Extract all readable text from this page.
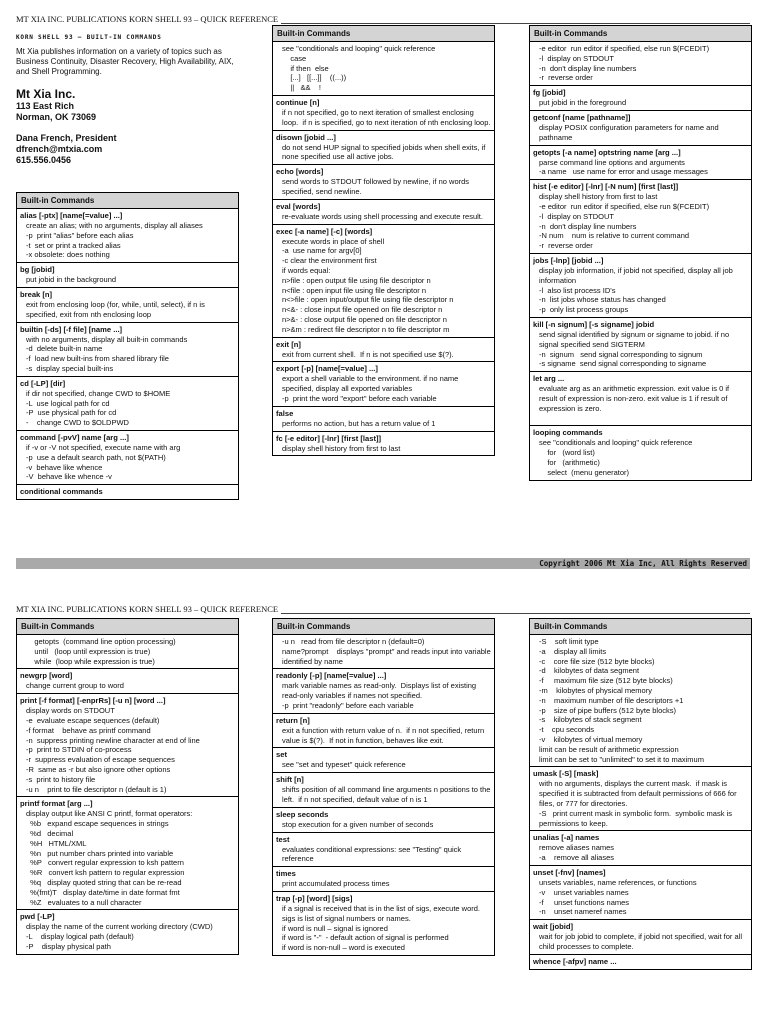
MT XIA INC. PUBLICATIONS KORN SHELL 93 – QUICK REFERENCE

KORN SHELL 93 – BUILT-IN COMMANDS

Mt Xia publishes information on a variety of topics such as Business Continuity, Disaster Recovery, High Availability, AIX, and Shell Programming.

Mt Xia Inc.

113 East Rich
Norman, OK 73069
Dana French, President
dfrench@mtxia.com
615.556.0456
Built-in Commands
alias [-ptx] [name[=value] ...]
create an alias; with no arguments, display all aliases
-p  print "alias" before each alias
-t  set or print a tracked alias
-x obsolete: does nothing
bg [jobid]
put jobid in the background
break [n]
exit from enclosing loop (for, while, until, select), if n is specified, exit from nth enclosing loop
builtin [-ds] [-f file] [name ...]
with no arguments, display all built-in commands
-d  delete built-in name
-f  load new built-ins from shared library file
-s  display special built-ins
cd [-LP] [dir]
if dir not specified, change CWD to $HOME
-L  use logical path for cd
-P  use physical path for cd
-    change CWD to $OLDPWD
command [-pvV] name [arg ...]
if -v or -V not specified, execute name with arg
-p  use a default search path, not $(PATH)
-v  behave like whence
-V  behave like whence -v
conditional commands
Built-in Commands
see "conditionals and looping" quick reference
case
if then  else
[...]   [[...]]    ((...))
||   &&    !
continue [n]
if n not specified, go to next iteration of smallest enclosing loop.  if n is specified, go to next iteration of nth enclosing loop.
disown [jobid ...]
do not send HUP signal to specified jobids when shell exits, if none specified use all active jobs.
echo [words]
send words to STDOUT followed by newline, if no words specified, send newline.
eval [words]
re-evaluate words using shell processing and execute result.
exec [-a name] [-c] [words]
execute words in place of shell
-a  use name for argv[0]
-c clear the environment first
if words equal:
n>file : open output file using file descriptor n
n<file : open input file using file descriptor n
n<>file : open input/output file using file descriptor n
n<&- : close input file opened on file descriptor n
n>&- : close output file opened on file descriptor n
n>&m : redirect file descriptor n to file descriptor m
exit [n]
exit from current shell.  If n is not specified use $(?).
export [-p] [name[=value] ...]
export a shell variable to the environment. if no name specified, display all exported variables
-p  print the word "export" before each variable
false
performs no action, but has a return value of 1
fc [-e editor] [-lnr] [first [last]]
display shell history from first to last
Built-in Commands
-e editor  run editor if specified, else run $(FCEDIT)
-l  display on STDOUT
-n  don't display line numbers
-r  reverse order
fg [jobid]
put jobid in the foreground
getconf [name [pathname]]
display POSIX configuration parameters for name and pathname
getopts [-a name] optstring name [arg ...]
parse command line options and arguments
-a name   use name for error and usage messages
hist [-e editor] [-lnr] [-N num] [first [last]]
display shell history from first to last
-e editor  run editor if specified, else run $(FCEDIT)
-l  display on STDOUT
-n  don't display line numbers
-N num    num is relative to current command
-r  reverse order
jobs [-lnp] [jobid ...]
display job information, if jobid not specified, display all job information
-l  also list process ID's
-n  list jobs whose status has changed
-p  only list process groups
kill [-n signum] [-s signame] jobid
send signal identified by signum or signame to jobid. if no signal specified send SIGTERM
-n  signum   send signal corresponding to signum
-s signame  send signal corresponding to signame
let arg ...
evaluate arg as an arithmetic expression. exit value is 0 if result of expression is non-zero. exit value is 1 if result of expression is zero.
looping commands
see "conditionals and looping" quick reference
for   (word list)
for   (arithmetic)
select  (menu generator)
Copyright 2006 Mt Xia Inc, All Rights Reserved
MT XIA INC. PUBLICATIONS KORN SHELL 93 – QUICK REFERENCE
Built-in Commands
getopts  (command line option processing)
until   (loop until expression is true)
while  (loop while expression is true)
newgrp [word]
change current group to word
print [-f format] [-enprRs] [-u n] [word ...]
display words on STDOUT
-e  evaluate escape sequences (default)
-f format    behave as printf command
-n  suppress printing newline character at end of line
-p  print to STDIN of co-process
-r  suppress evaluation of escape sequences
-R  same as -r but also ignore other options
-s  print to history file
-u n    print to file descriptor n (default is 1)
printf format [arg ...]
display output like ANSI C printf, format operators:
%b   expand escape sequences in strings
%d   decimal
%H   HTML/XML
%n   put number chars printed into variable
%P   convert regular expression to ksh pattern
%R   convert ksh pattern to regular expression
%q   display quoted string that can be re-read
%(fmt)T   display date/time in date format fmt
%Z   evaluates to a null character
pwd [-LP]
display the name of the current working directory (CWD)
-L    display logical path (default)
-P    display physical path
Built-in Commands
-u n   read from file descriptor n (default=0)
name?prompt    displays "prompt" and reads input into variable identified by name
readonly [-p] [name[=value] ...]
mark variable names as read-only.  Displays list of existing read-only variables if names not specified.
-p  print "readonly" before each variable
return [n]
exit a function with return value of n.  if n not specified, return value is $(?).  If not in function, behaves like exit.
set
see "set and typeset" quick reference
shift [n]
shifts position of all command line arguments n positions to the left.  if n not specified, default value of n is 1
sleep seconds
stop execution for a given number of seconds
test
evaluates conditional expressions: see "Testing" quick reference
times
print accumulated process times
trap [-p] [word] [sigs]
if a signal is received that is in the list of sigs, execute word.  sigs is list of signal numbers or names.
if word is null – signal is ignored
if word is "-"  - default action of signal is performed
if word is non-null – word is executed
Built-in Commands
-S    soft limit type
-a    display all limits
-c    core file size (512 byte blocks)
-d    kilobytes of data segment
-f     maximum file size (512 byte blocks)
-m    kilobytes of physical memory
-n    maximum number of file descriptors +1
-p    size of pipe buffers (512 byte blocks)
-s    kilobytes of stack segment
-t    cpu seconds
-v    kilobytes of virtual memory
limit can be result of arithmetic expression
limit can be set to "unlimited" to set it to maximum
umask [-S] [mask]
with no arguments, displays the current mask.  if mask is specified it is subtracted from default permissions of 666 for files, or 777 for directories.
-S   print current mask in symbolic form.  symbolic mask is permissions to keep.
unalias [-a] names
remove aliases names
-a    remove all aliases
unset [-fnv] [names]
unsets variables, name references, or functions
-v    unset variables names
-f     unset functions names
-n    unset nameref names
wait [jobid]
wait for job jobid to complete, if jobid not specified, wait for all child processes to complete.
whence [-afpv] name ...
